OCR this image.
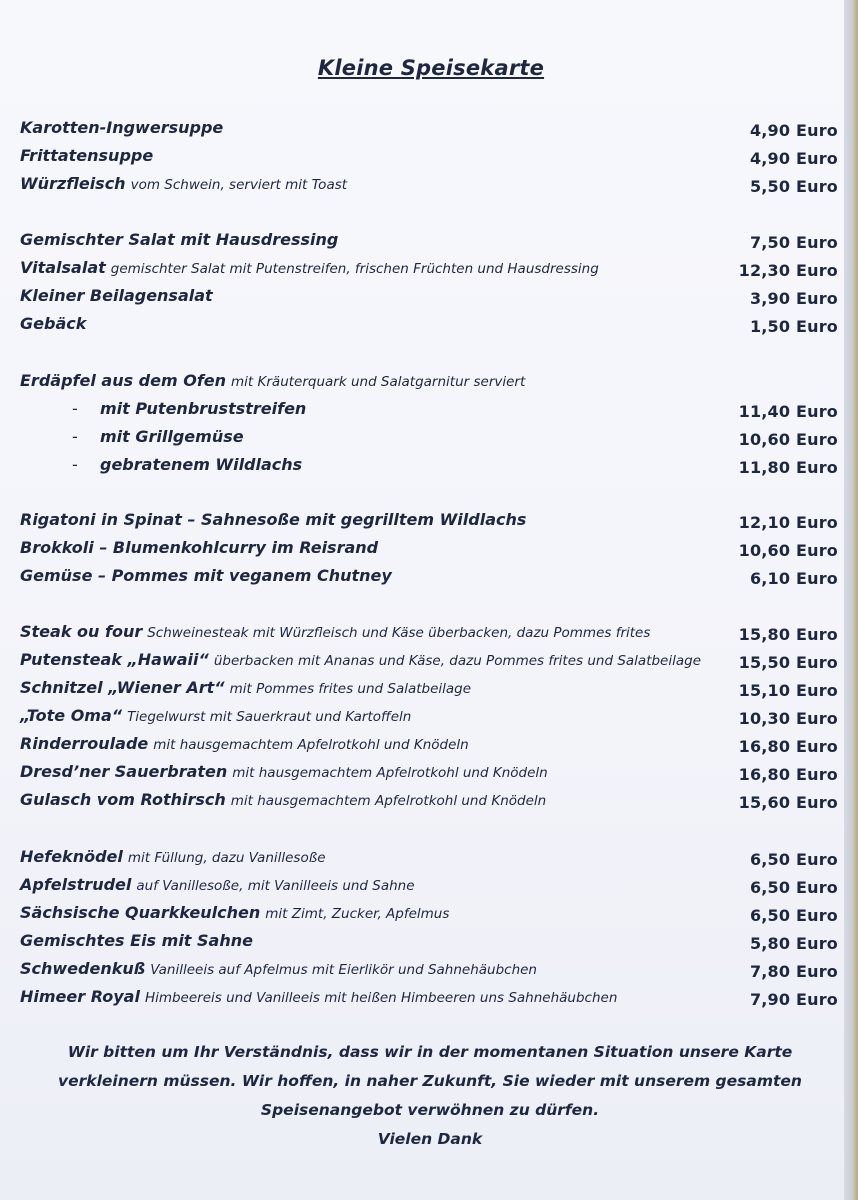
Kleine Speisekarte
Karotten-Ingwersuppe	4,90 Euro
Frittatensuppe	4,90 Euro
Würzfleisch vom Schwein, serviert mit Toast	5,50 Euro
Gemischter Salat mit Hausdressing	7,50 Euro
Vitalsalat gemischter Salat mit Putenstreifen, frischen Früchten und Hausdressing	12,30 Euro
Kleiner Beilagensalat	3,90 Euro
Gebäck	1,50 Euro
Erdäpfel aus dem Ofen mit Kräuterquark und Salatgarnitur serviert
- mit Putenbruststreifen	11,40 Euro
- mit Grillgemüse	10,60 Euro
- gebratenem Wildlachs	11,80 Euro
Rigatoni in Spinat – Sahnesoße mit gegrilltem Wildlachs	12,10 Euro
Brokkoli – Blumenkohlcurry im Reisrand	10,60 Euro
Gemüse – Pommes mit veganem Chutney	6,10 Euro
Steak ou four Schweinesteak mit Würzfleisch und Käse überbacken, dazu Pommes frites	15,80 Euro
Putensteak „Hawaii“ überbacken mit Ananas und Käse, dazu Pommes frites und Salatbeilage 15,50 Euro
Schnitzel „Wiener Art“ mit Pommes frites und Salatbeilage	15,10 Euro
„Tote Oma“ Tiegelwurst mit Sauerkraut und Kartoffeln	10,30 Euro
Rinderroulade mit hausgemachtem Apfelrotkohl und Knödeln	16,80 Euro
Dresd’ner Sauerbraten mit hausgemachtem Apfelrotkohl und Knödeln	16,80 Euro
Gulasch vom Rothirsch mit hausgemachtem Apfelrotkohl und Knödeln	15,60 Euro
Hefeknödel mit Füllung, dazu Vanillesoße	6,50 Euro
Apfelstrudel auf Vanillesoße, mit Vanilleeis und Sahne	6,50 Euro
Sächsische Quarkkeulchen mit Zimt, Zucker, Apfelmus	6,50 Euro
Gemischtes Eis mit Sahne	5,80 Euro
Schwedenkuß Vanilleeis auf Apfelmus mit Eierlikör und Sahnehäubchen	7,80 Euro
Himeer Royal Himbeereis und Vanilleeis mit heißen Himbeeren uns Sahnehäubchen	7,90 Euro
Wir bitten um Ihr Verständnis, dass wir in der momentanen Situation unsere Karte
verkleinern müssen. Wir hoffen, in naher Zukunft, Sie wieder mit unserem gesamten
Speisenangebot verwöhnen zu dürfen.
Vielen Dank
